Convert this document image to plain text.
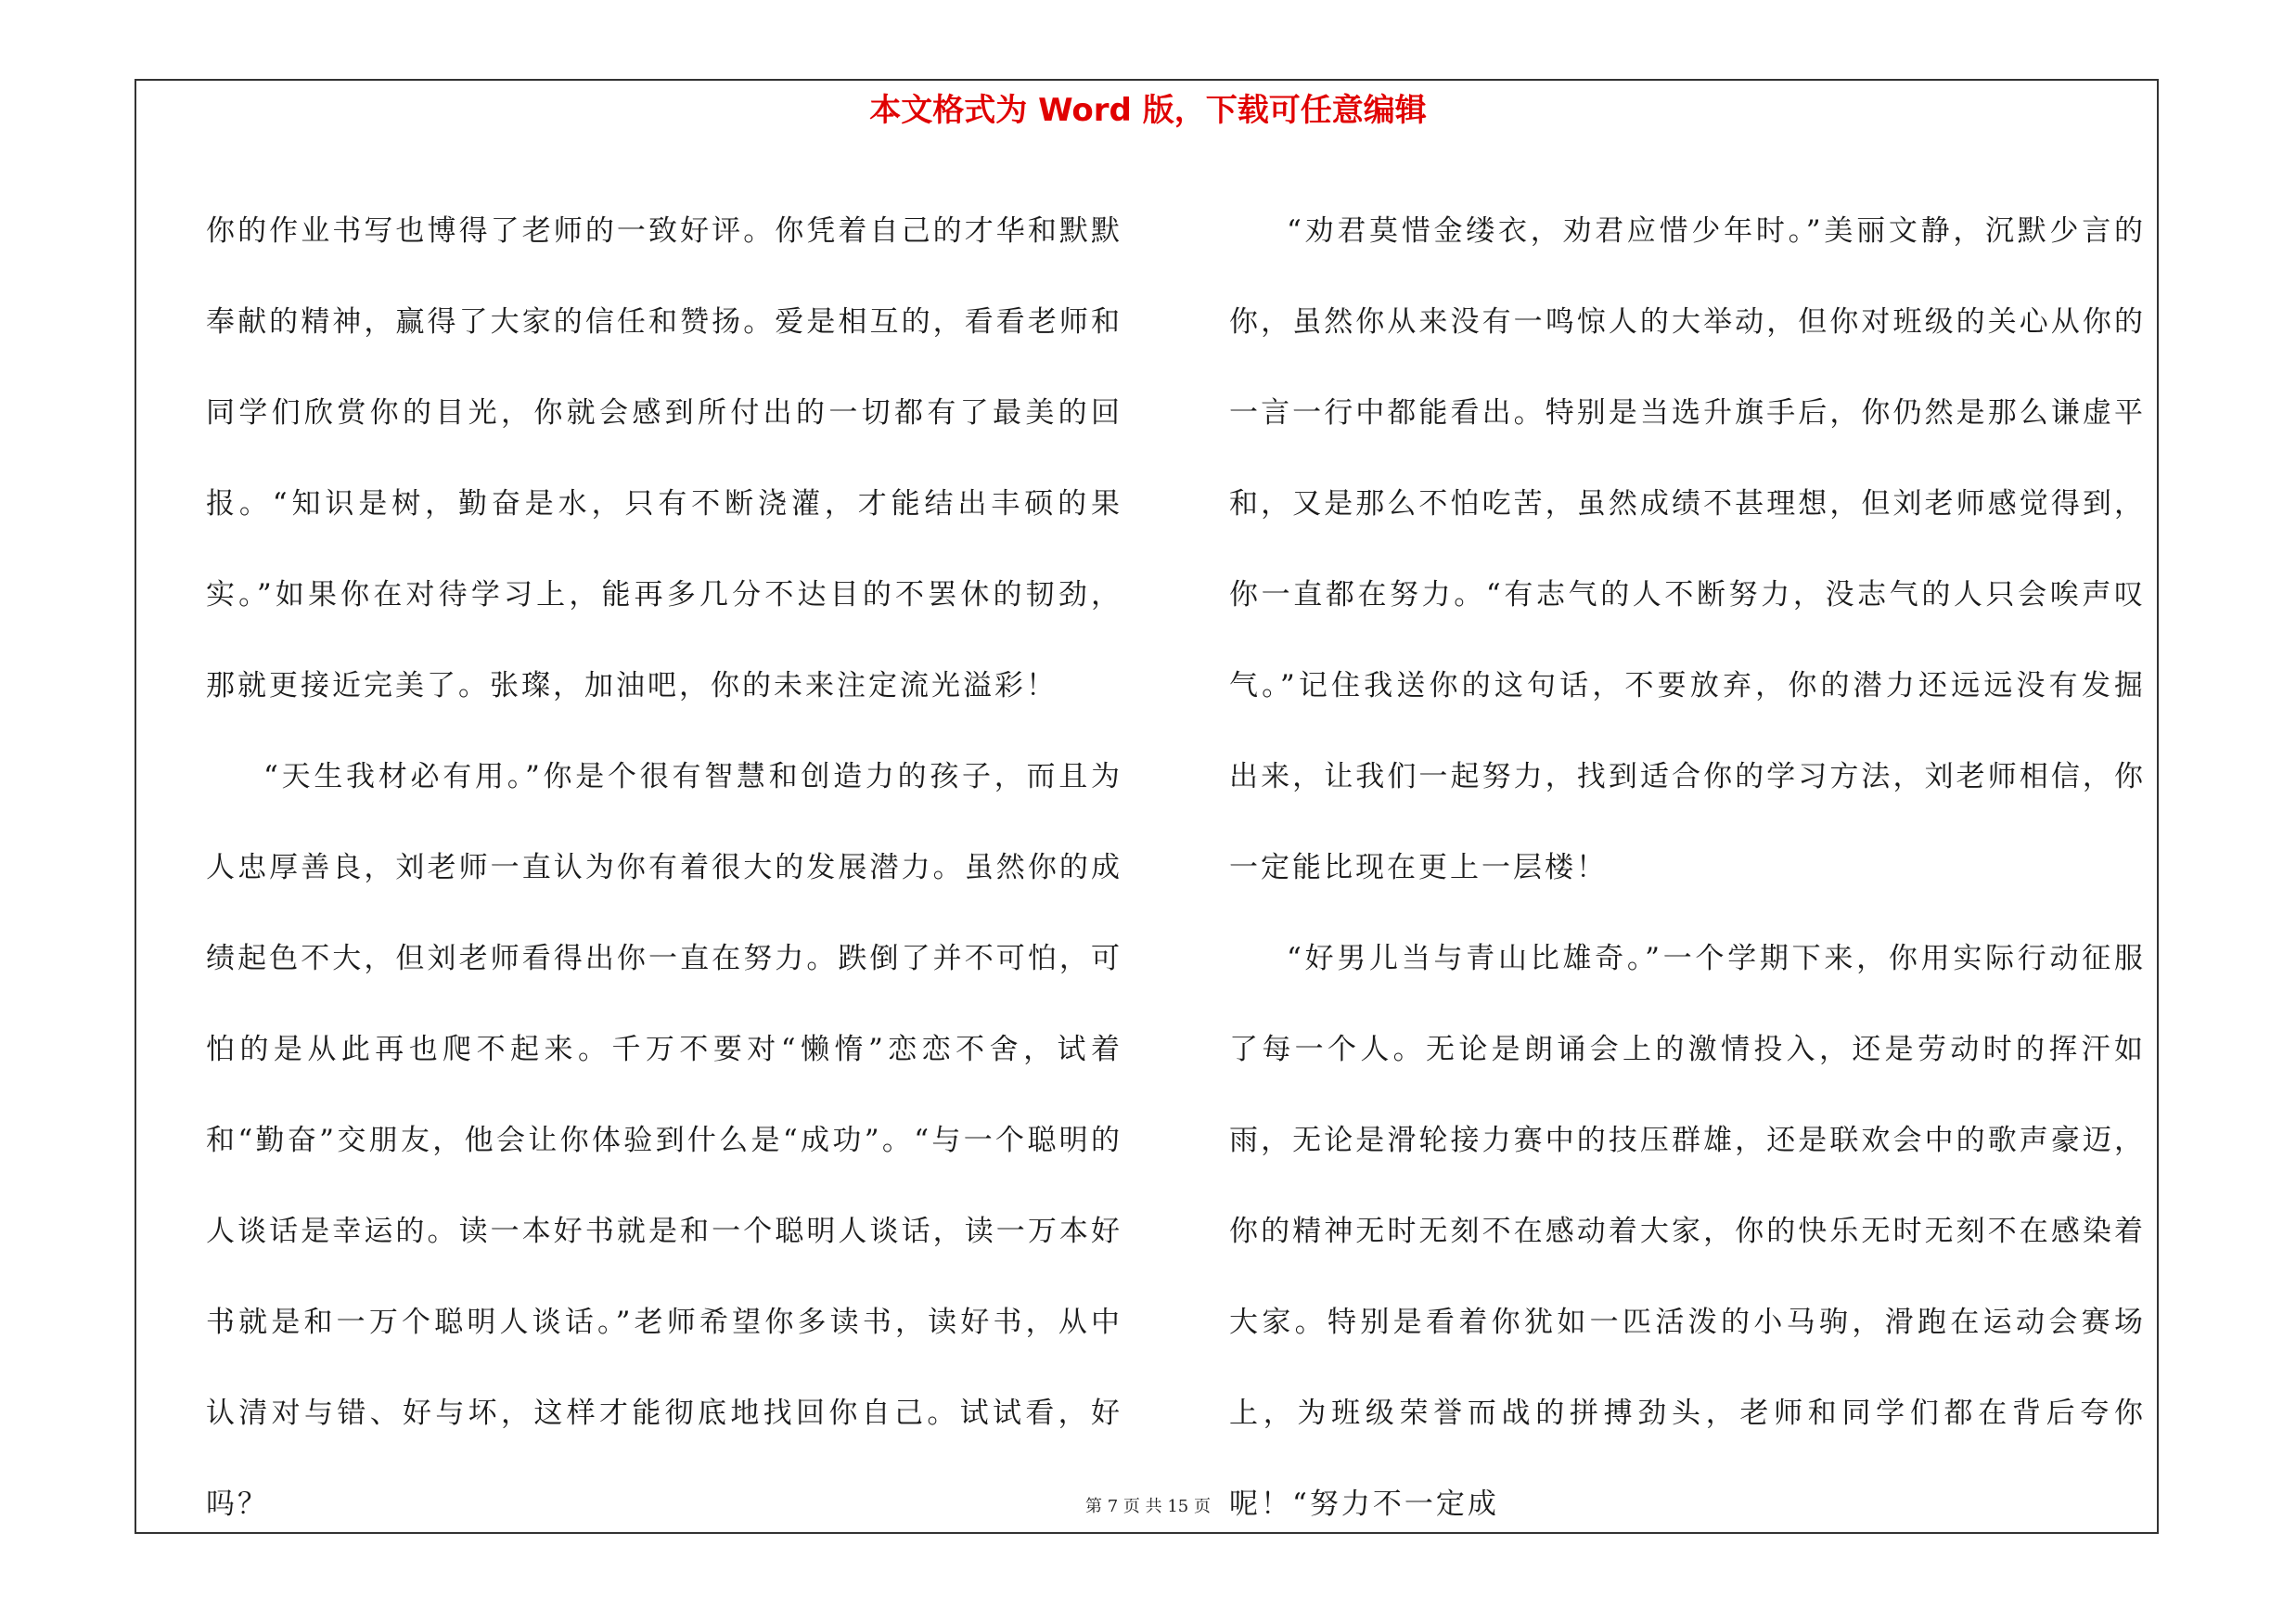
本文格式为 Word 版，下载可任意编辑

你的作业书写也博得了老师的一致好评。你凭着自己的才华和默默奉献的精神，赢得了大家的信任和赞扬。爱是相互的，看看老师和同学们欣赏你的目光，你就会感到所付出的一切都有了最美的回报。“知识是树，勤奋是水，只有不断浇灌，才能结出丰硕的果实。”如果你在对待学习上，能再多几分不达目的不罢休的韧劲，那就更接近完美了。张璨，加油吧，你的未来注定流光溢彩！

“天生我材必有用。”你是个很有智慧和创造力的孩子，而且为人忠厚善良，刘老师一直认为你有着很大的发展潜力。虽然你的成绩起色不大，但刘老师看得出你一直在努力。跌倒了并不可怕，可怕的是从此再也爬不起来。千万不要对“懒惰”恋恋不舍，试着和“勤奋”交朋友，他会让你体验到什么是“成功”。“与一个聪明的人谈话是幸运的。读一本好书就是和一个聪明人谈话，读一万本好书就是和一万个聪明人谈话。”老师希望你多读书，读好书，从中认清对与错、好与坏，这样才能彻底地找回你自己。试试看，好吗？

“劝君莫惜金缕衣，劝君应惜少年时。”美丽文静，沉默少言的你，虽然你从来没有一鸣惊人的大举动，但你对班级的关心从你的一言一行中都能看出。特别是当选升旗手后，你仍然是那么谦虚平和，又是那么不怕吃苦，虽然成绩不甚理想，但刘老师感觉得到，你一直都在努力。“有志气的人不断努力，没志气的人只会唉声叹气。”记住我送你的这句话，不要放弃，你的潜力还远远没有发掘出来，让我们一起努力，找到适合你的学习方法，刘老师相信，你一定能比现在更上一层楼！

“好男儿当与青山比雄奇。”一个学期下来，你用实际行动征服了每一个人。无论是朗诵会上的激情投入，还是劳动时的挥汗如雨，无论是滑轮接力赛中的技压群雄，还是联欢会中的歌声豪迈，你的精神无时无刻不在感动着大家，你的快乐无时无刻不在感染着大家。特别是看着你犹如一匹活泼的小马驹，滑跑在运动会赛场上，为班级荣誉而战的拼搏劲头，老师和同学们都在背后夸你呢！“努力不一定成

第 7 页 共 15 页
